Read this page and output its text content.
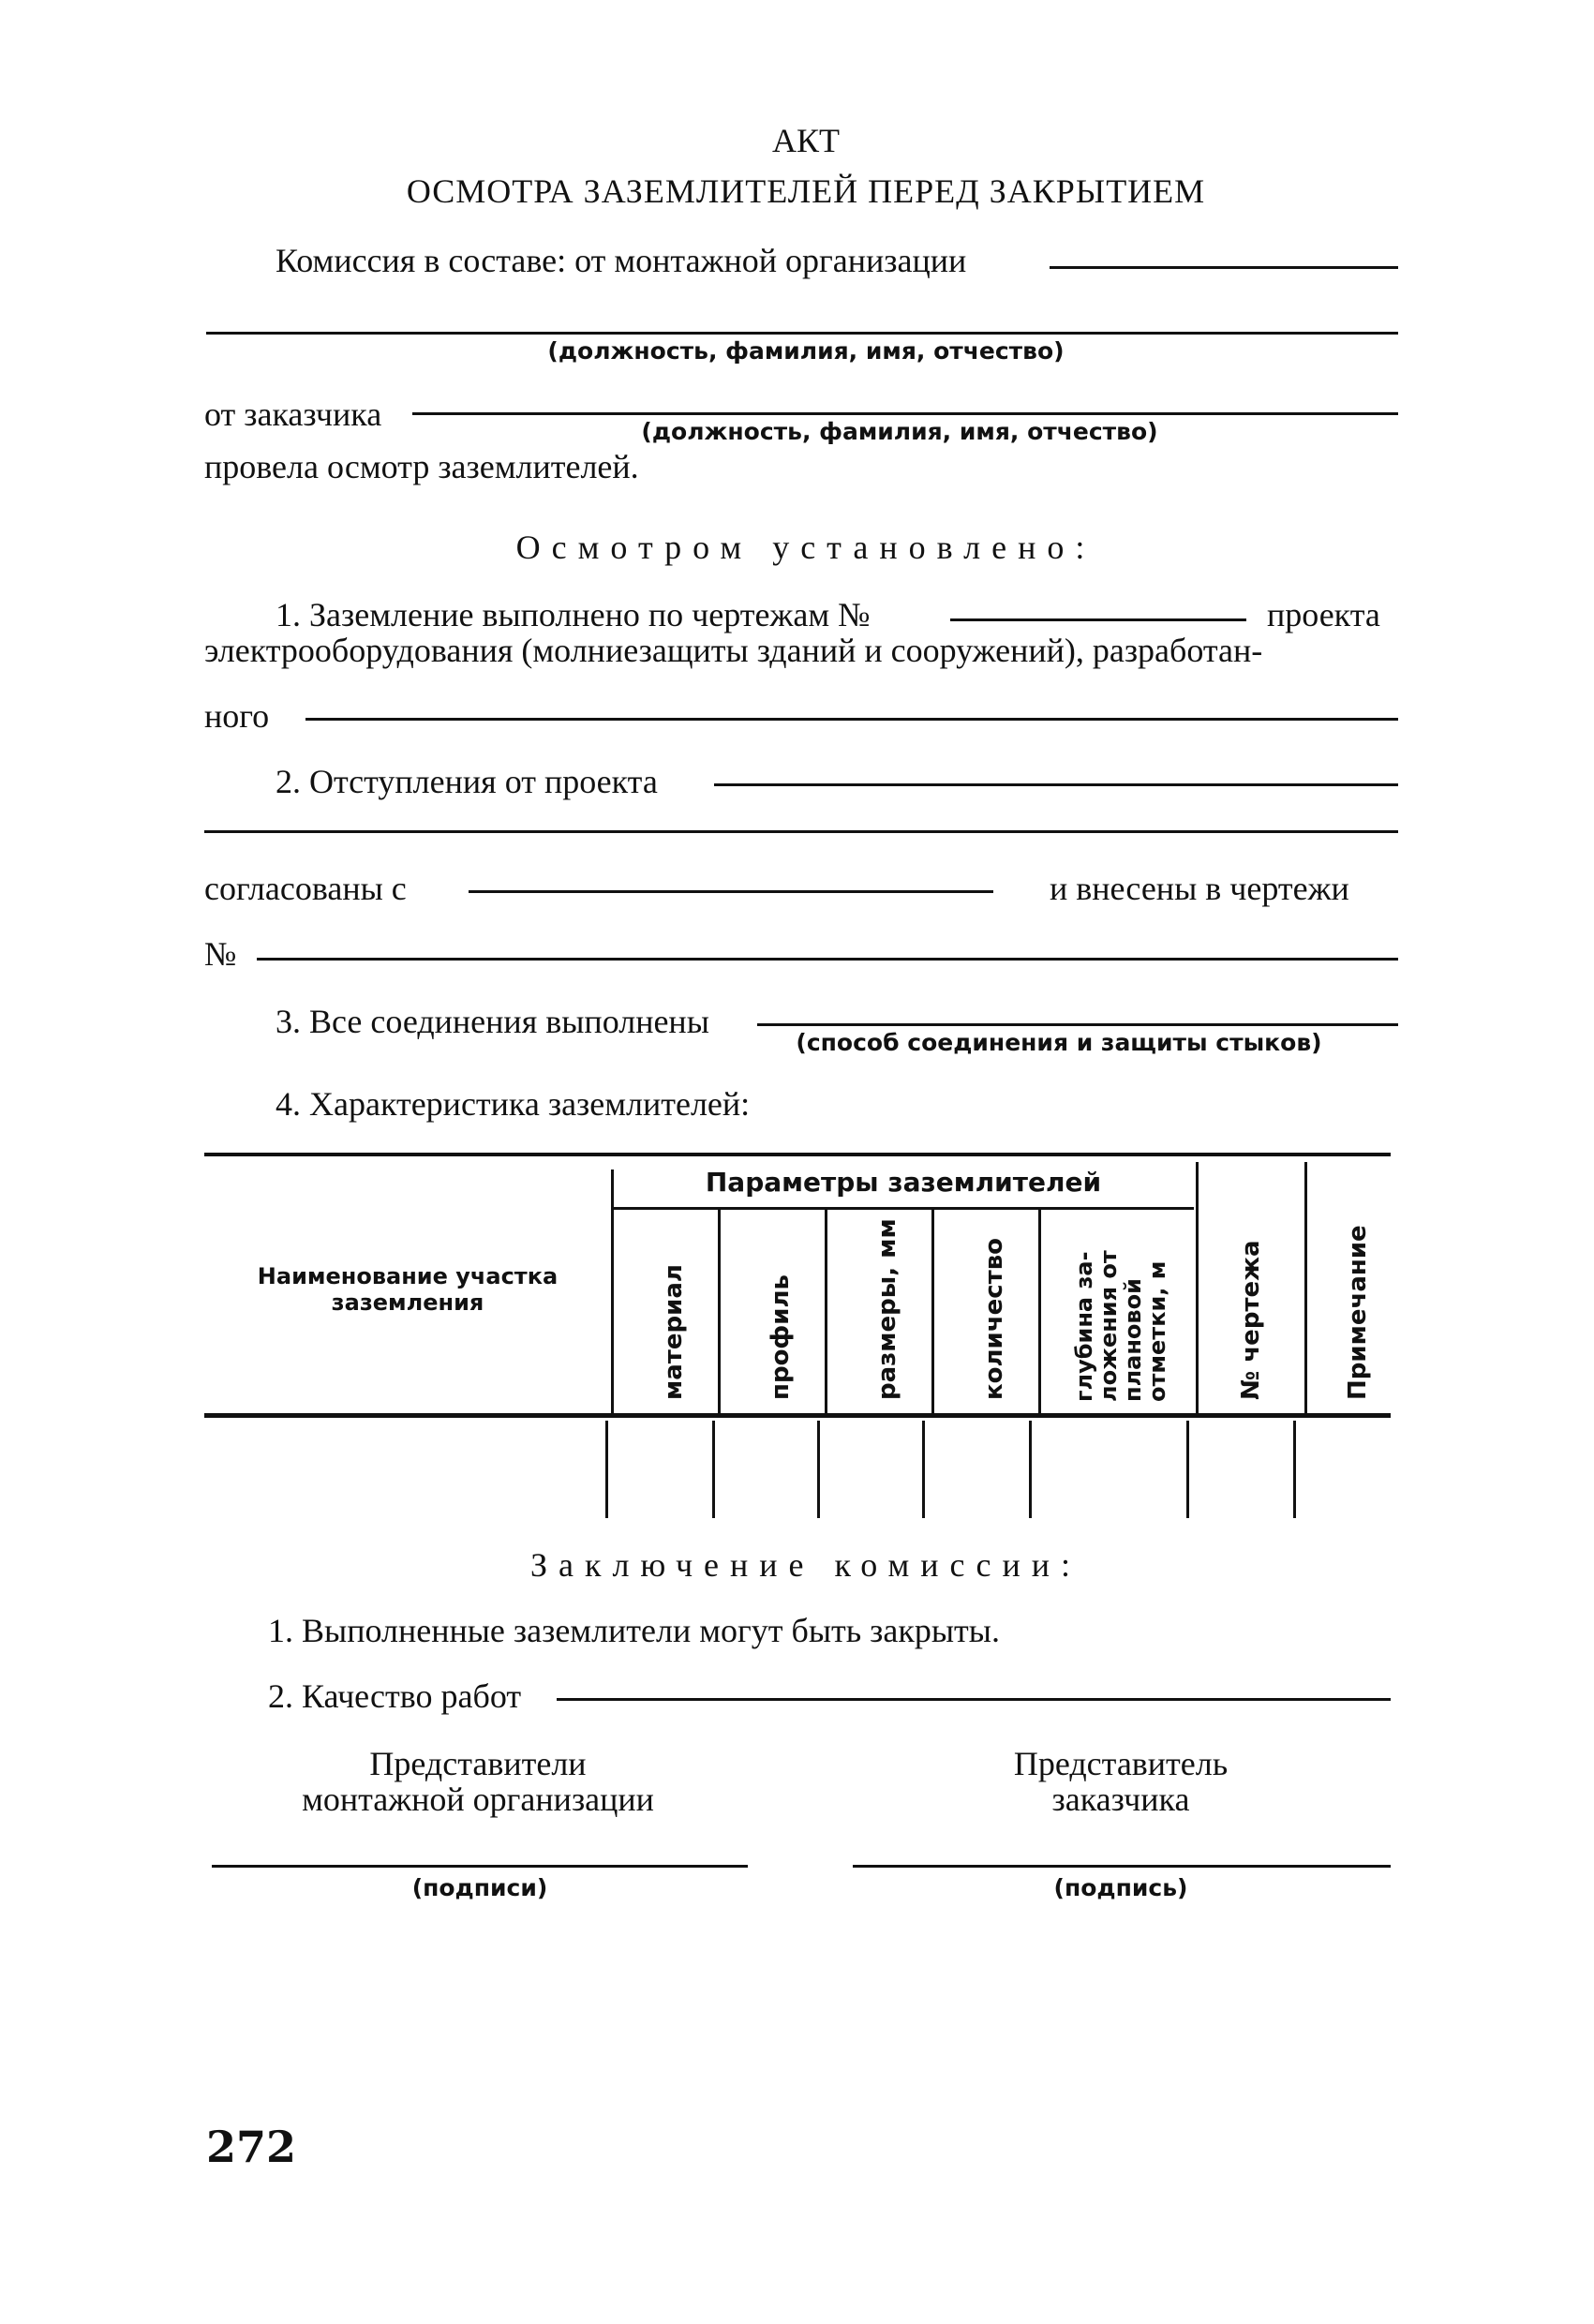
АКТ
ОСМОТРА ЗАЗЕМЛИТЕЛЕЙ ПЕРЕД ЗАКРЫТИЕМ
Комиссия в составе: от монтажной организации
(должность, фамилия, имя, отчество)
от заказчика	(должность, фамилия, имя, отчество)
провела осмотр заземлителей.
Осмотром установлено:
1. Заземление выполнено по чертежам №	проекта
электрооборудования (молниезащиты зданий и сооружений), разработан-
ного
2. Отступления от проекта
согласованы с	и внесены в чертежи
№
3. Все соединения выполнены
(способ соединения и защиты стыков)
4. Характеристика заземлителей:
Наименование участка заземления
Параметры заземлителей
материал	профиль	размеры, мм	количество	глубина за-
ложения от
плановой
отметки, м	№ чертежа	Примечание
Заключение комиссии:
1. Выполненные заземлители могут быть закрыты.
2. Качество работ
Представители
монтажной организации
Представитель
заказчика
(подписи)	(подпись)
272
